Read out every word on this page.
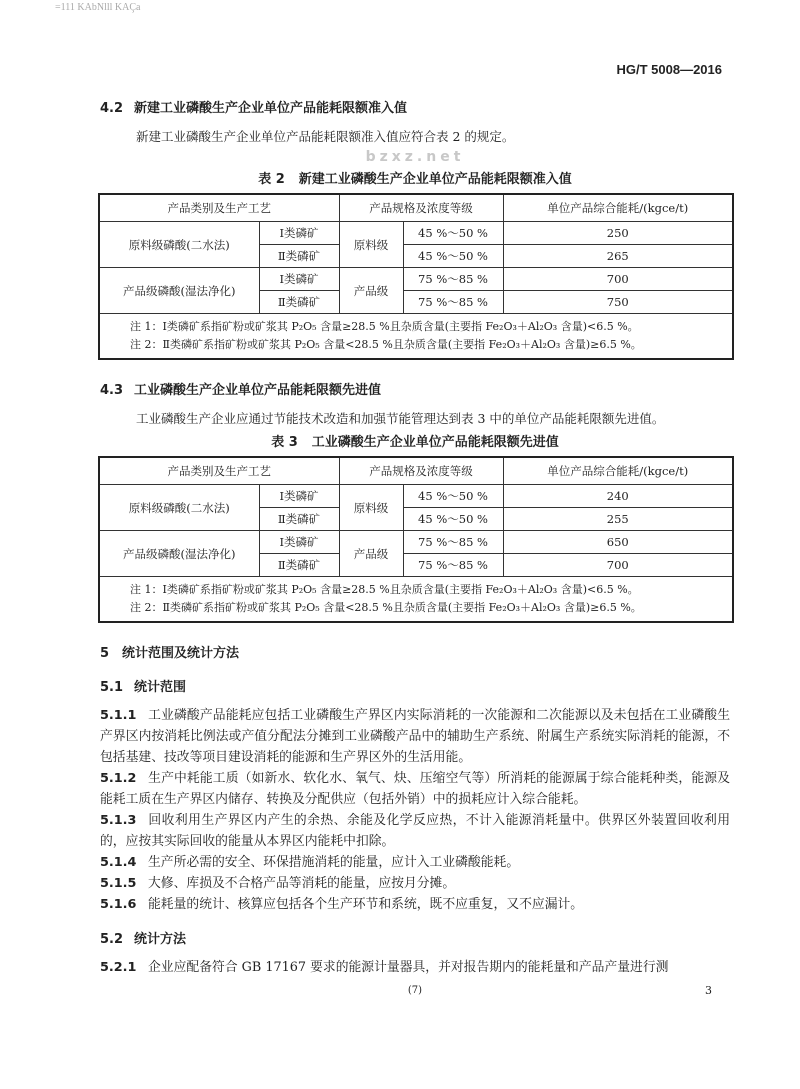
=111 KAbNlll KAÇa
HG/T 5008—2016
4.2 新建工业磷酸生产企业单位产品能耗限额准入值
新建工业磷酸生产企业单位产品能耗限额准入值应符合表 2 的规定。
bzxz.net
表 2 新建工业磷酸生产企业单位产品能耗限额准入值
产品类别及生产工艺		产品规格及浓度等级		单位产品综合能耗/(kgce/t)
原料级磷酸(二水法)	Ⅰ类磷矿	原料级	45 %～50 %	250
	Ⅱ类磷矿		45 %～50 %	265
产品级磷酸(湿法净化)	Ⅰ类磷矿	产品级	75 %～85 %	700
	Ⅱ类磷矿		75 %～85 %	750

注 1：Ⅰ类磷矿系指矿粉或矿浆其 P₂O₅ 含量≥28.5 %且杂质含量(主要指 Fe₂O₃＋Al₂O₃ 含量)<6.5 %。
注 2：Ⅱ类磷矿系指矿粉或矿浆其 P₂O₅ 含量<28.5 %且杂质含量(主要指 Fe₂O₃＋Al₂O₃ 含量)≥6.5 %。				
4.3 工业磷酸生产企业单位产品能耗限额先进值
工业磷酸生产企业应通过节能技术改造和加强节能管理达到表 3 中的单位产品能耗限额先进值。
表 3 工业磷酸生产企业单位产品能耗限额先进值
产品类别及生产工艺		产品规格及浓度等级		单位产品综合能耗/(kgce/t)
原料级磷酸(二水法)	Ⅰ类磷矿	原料级	45 %～50 %	240
	Ⅱ类磷矿		45 %～50 %	255
产品级磷酸(湿法净化)	Ⅰ类磷矿	产品级	75 %～85 %	650
	Ⅱ类磷矿		75 %～85 %	700

注 1：Ⅰ类磷矿系指矿粉或矿浆其 P₂O₅ 含量≥28.5 %且杂质含量(主要指 Fe₂O₃＋Al₂O₃ 含量)<6.5 %。
注 2：Ⅱ类磷矿系指矿粉或矿浆其 P₂O₅ 含量<28.5 %且杂质含量(主要指 Fe₂O₃＋Al₂O₃ 含量)≥6.5 %。				
5 统计范围及统计方法
5.1 统计范围

5.1.1 工业磷酸产品能耗应包括工业磷酸生产界区内实际消耗的一次能源和二次能源以及未包括在工业磷酸生产界区内按消耗比例法或产值分配法分摊到工业磷酸产品中的辅助生产系统、附属生产系统实际消耗的能源，不包括基建、技改等项目建设消耗的能源和生产界区外的生活用能。

5.1.2 生产中耗能工质（如新水、软化水、氧气、炔、压缩空气等）所消耗的能源属于综合能耗种类，能源及能耗工质在生产界区内储存、转换及分配供应（包括外销）中的损耗应计入综合能耗。

5.1.3 回收利用生产界区内产生的余热、余能及化学反应热，不计入能源消耗量中。供界区外装置回收利用的，应按其实际回收的能量从本界区内能耗中扣除。

5.1.4 生产所必需的安全、环保措施消耗的能量，应计入工业磷酸能耗。

5.1.5 大修、库损及不合格产品等消耗的能量，应按月分摊。

5.1.6 能耗量的统计、核算应包括各个生产环节和系统，既不应重复，又不应漏计。

5.2 统计方法

5.2.1 企业应配备符合 GB 17167 要求的能源计量器具，并对报告期内的能耗量和产品产量进行测

(7)	3
